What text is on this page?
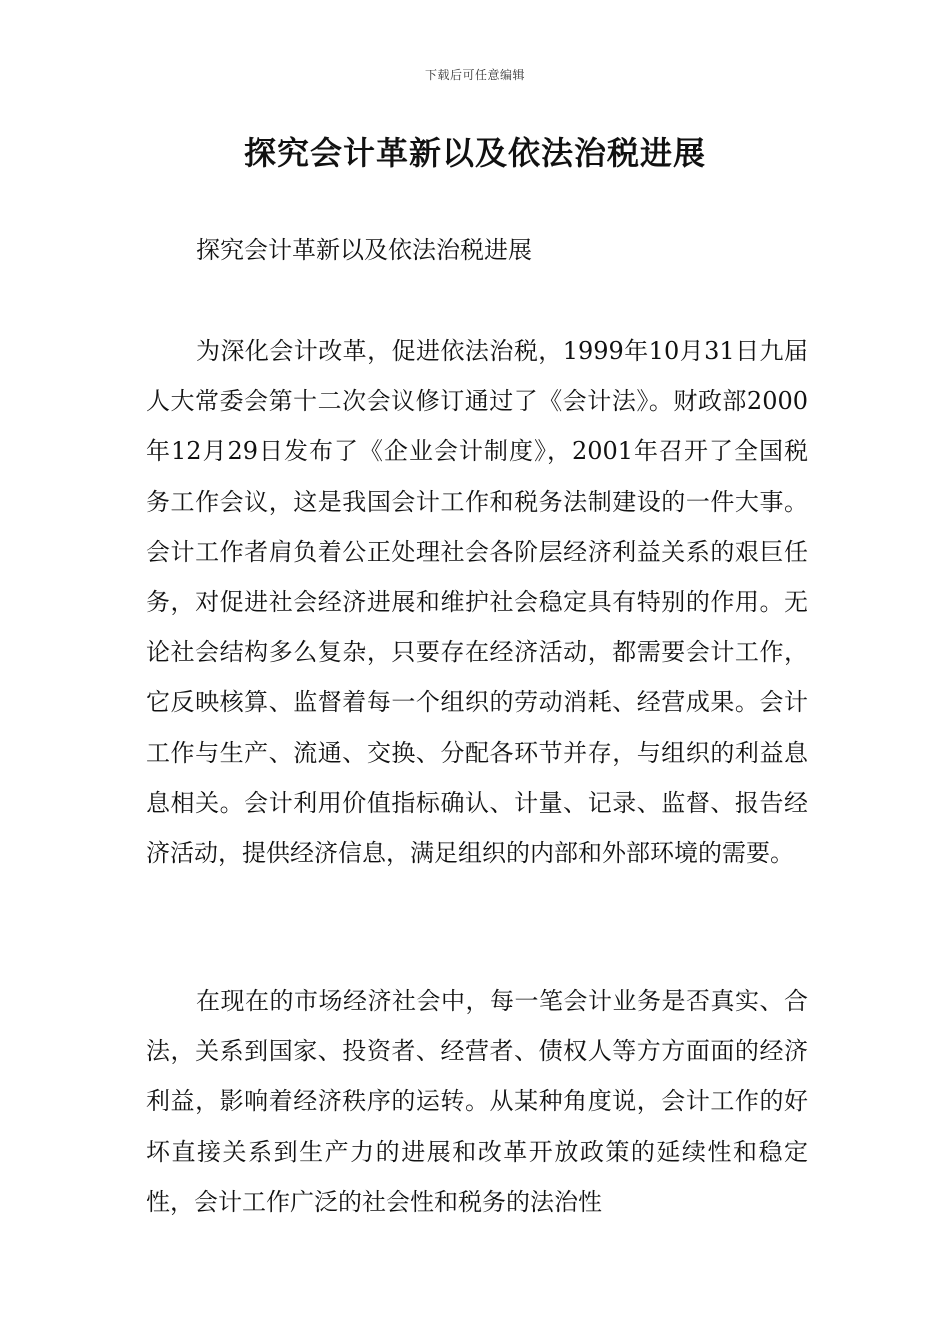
下载后可任意编辑
探究会计革新以及依法治税进展

探究会计革新以及依法治税进展

为深化会计改革，促进依法治税，1999年10月31日九届人大常委会第十二次会议修订通过了《会计法》。财政部2000年12月29日发布了《企业会计制度》，2001年召开了全国税务工作会议，这是我国会计工作和税务法制建设的一件大事。会计工作者肩负着公正处理社会各阶层经济利益关系的艰巨任务，对促进社会经济进展和维护社会稳定具有特别的作用。无论社会结构多么复杂，只要存在经济活动，都需要会计工作，它反映核算、监督着每一个组织的劳动消耗、经营成果。会计工作与生产、流通、交换、分配各环节并存，与组织的利益息息相关。会计利用价值指标确认、计量、记录、监督、报告经济活动，提供经济信息，满足组织的内部和外部环境的需要。

在现在的市场经济社会中，每一笔会计业务是否真实、合法，关系到国家、投资者、经营者、债权人等方方面面的经济利益，影响着经济秩序的运转。从某种角度说，会计工作的好坏直接关系到生产力的进展和改革开放政策的延续性和稳定性，会计工作广泛的社会性和税务的法治性
